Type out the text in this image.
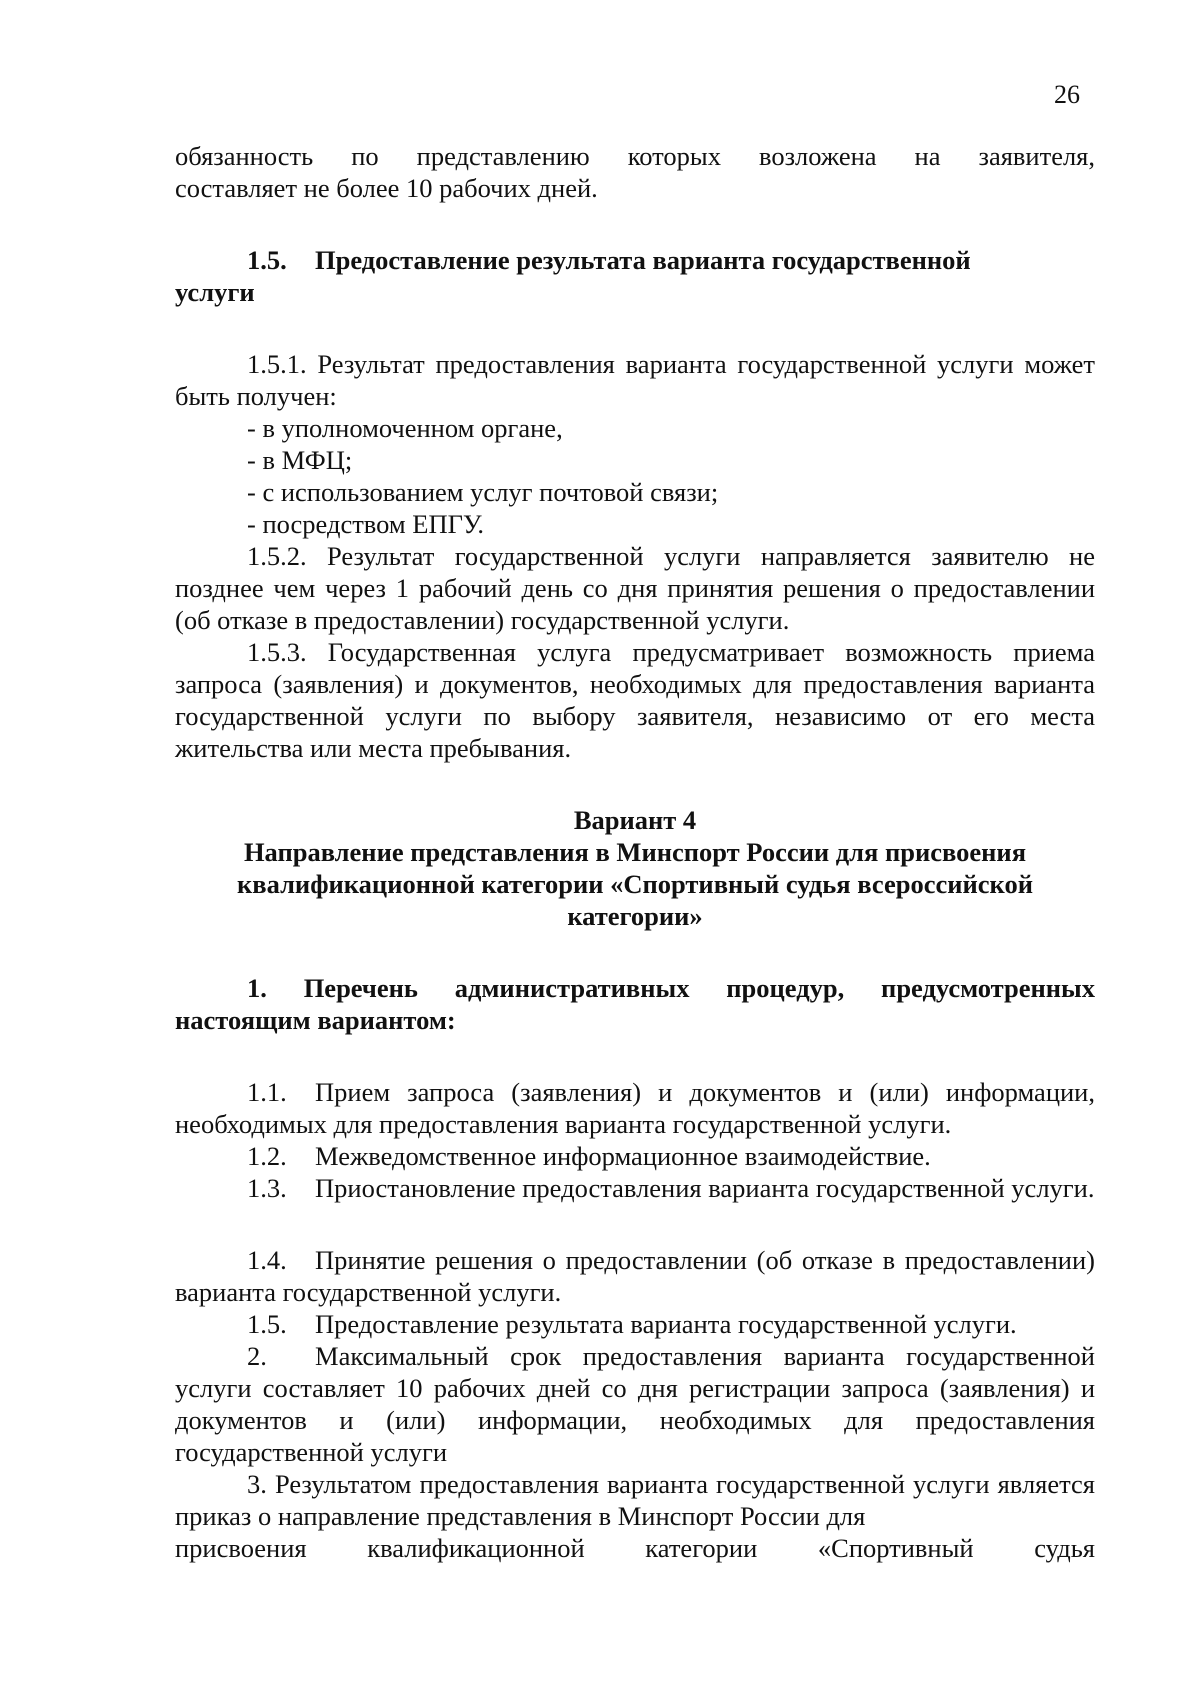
26

обязанность по представлению которых возложена на заявителя,

составляет не более 10 рабочих дней.

1.5. Предоставление результата варианта государственной

услуги

1.5.1. Результат предоставления варианта государственной услуги может быть получен:

- в уполномоченном органе,

- в МФЦ;

- с использованием услуг почтовой связи;

- посредством ЕПГУ.

1.5.2. Результат государственной услуги направляется заявителю не позднее чем через 1 рабочий день со дня принятия решения о предоставлении (об отказе в предоставлении) государственной услуги.

1.5.3. Государственная услуга предусматривает возможность приема запроса (заявления) и документов, необходимых для предоставления варианта государственной услуги по выбору заявителя, независимо от его места жительства или места пребывания.

Вариант 4

Направление представления в Минспорт России для присвоения

квалификационной категории «Спортивный судья всероссийской

категории»

1. Перечень административных процедур, предусмотренных

настоящим вариантом:

1.1. Прием запроса (заявления) и документов и (или) информации, необходимых для предоставления варианта государственной услуги.

1.2. Межведомственное информационное взаимодействие.

1.3. Приостановление предоставления варианта государственной услуги.

1.4. Принятие решения о предоставлении (об отказе в предоставлении) варианта государственной услуги.

1.5. Предоставление результата варианта государственной услуги.

2. Максимальный срок предоставления варианта государственной услуги составляет 10 рабочих дней со дня регистрации запроса (заявления) и документов и (или) информации, необходимых для предоставления государственной услуги

3. Результатом предоставления варианта государственной услуги является приказ о направление представления в Минспорт России для

присвоения квалификационной категории «Спортивный судья
